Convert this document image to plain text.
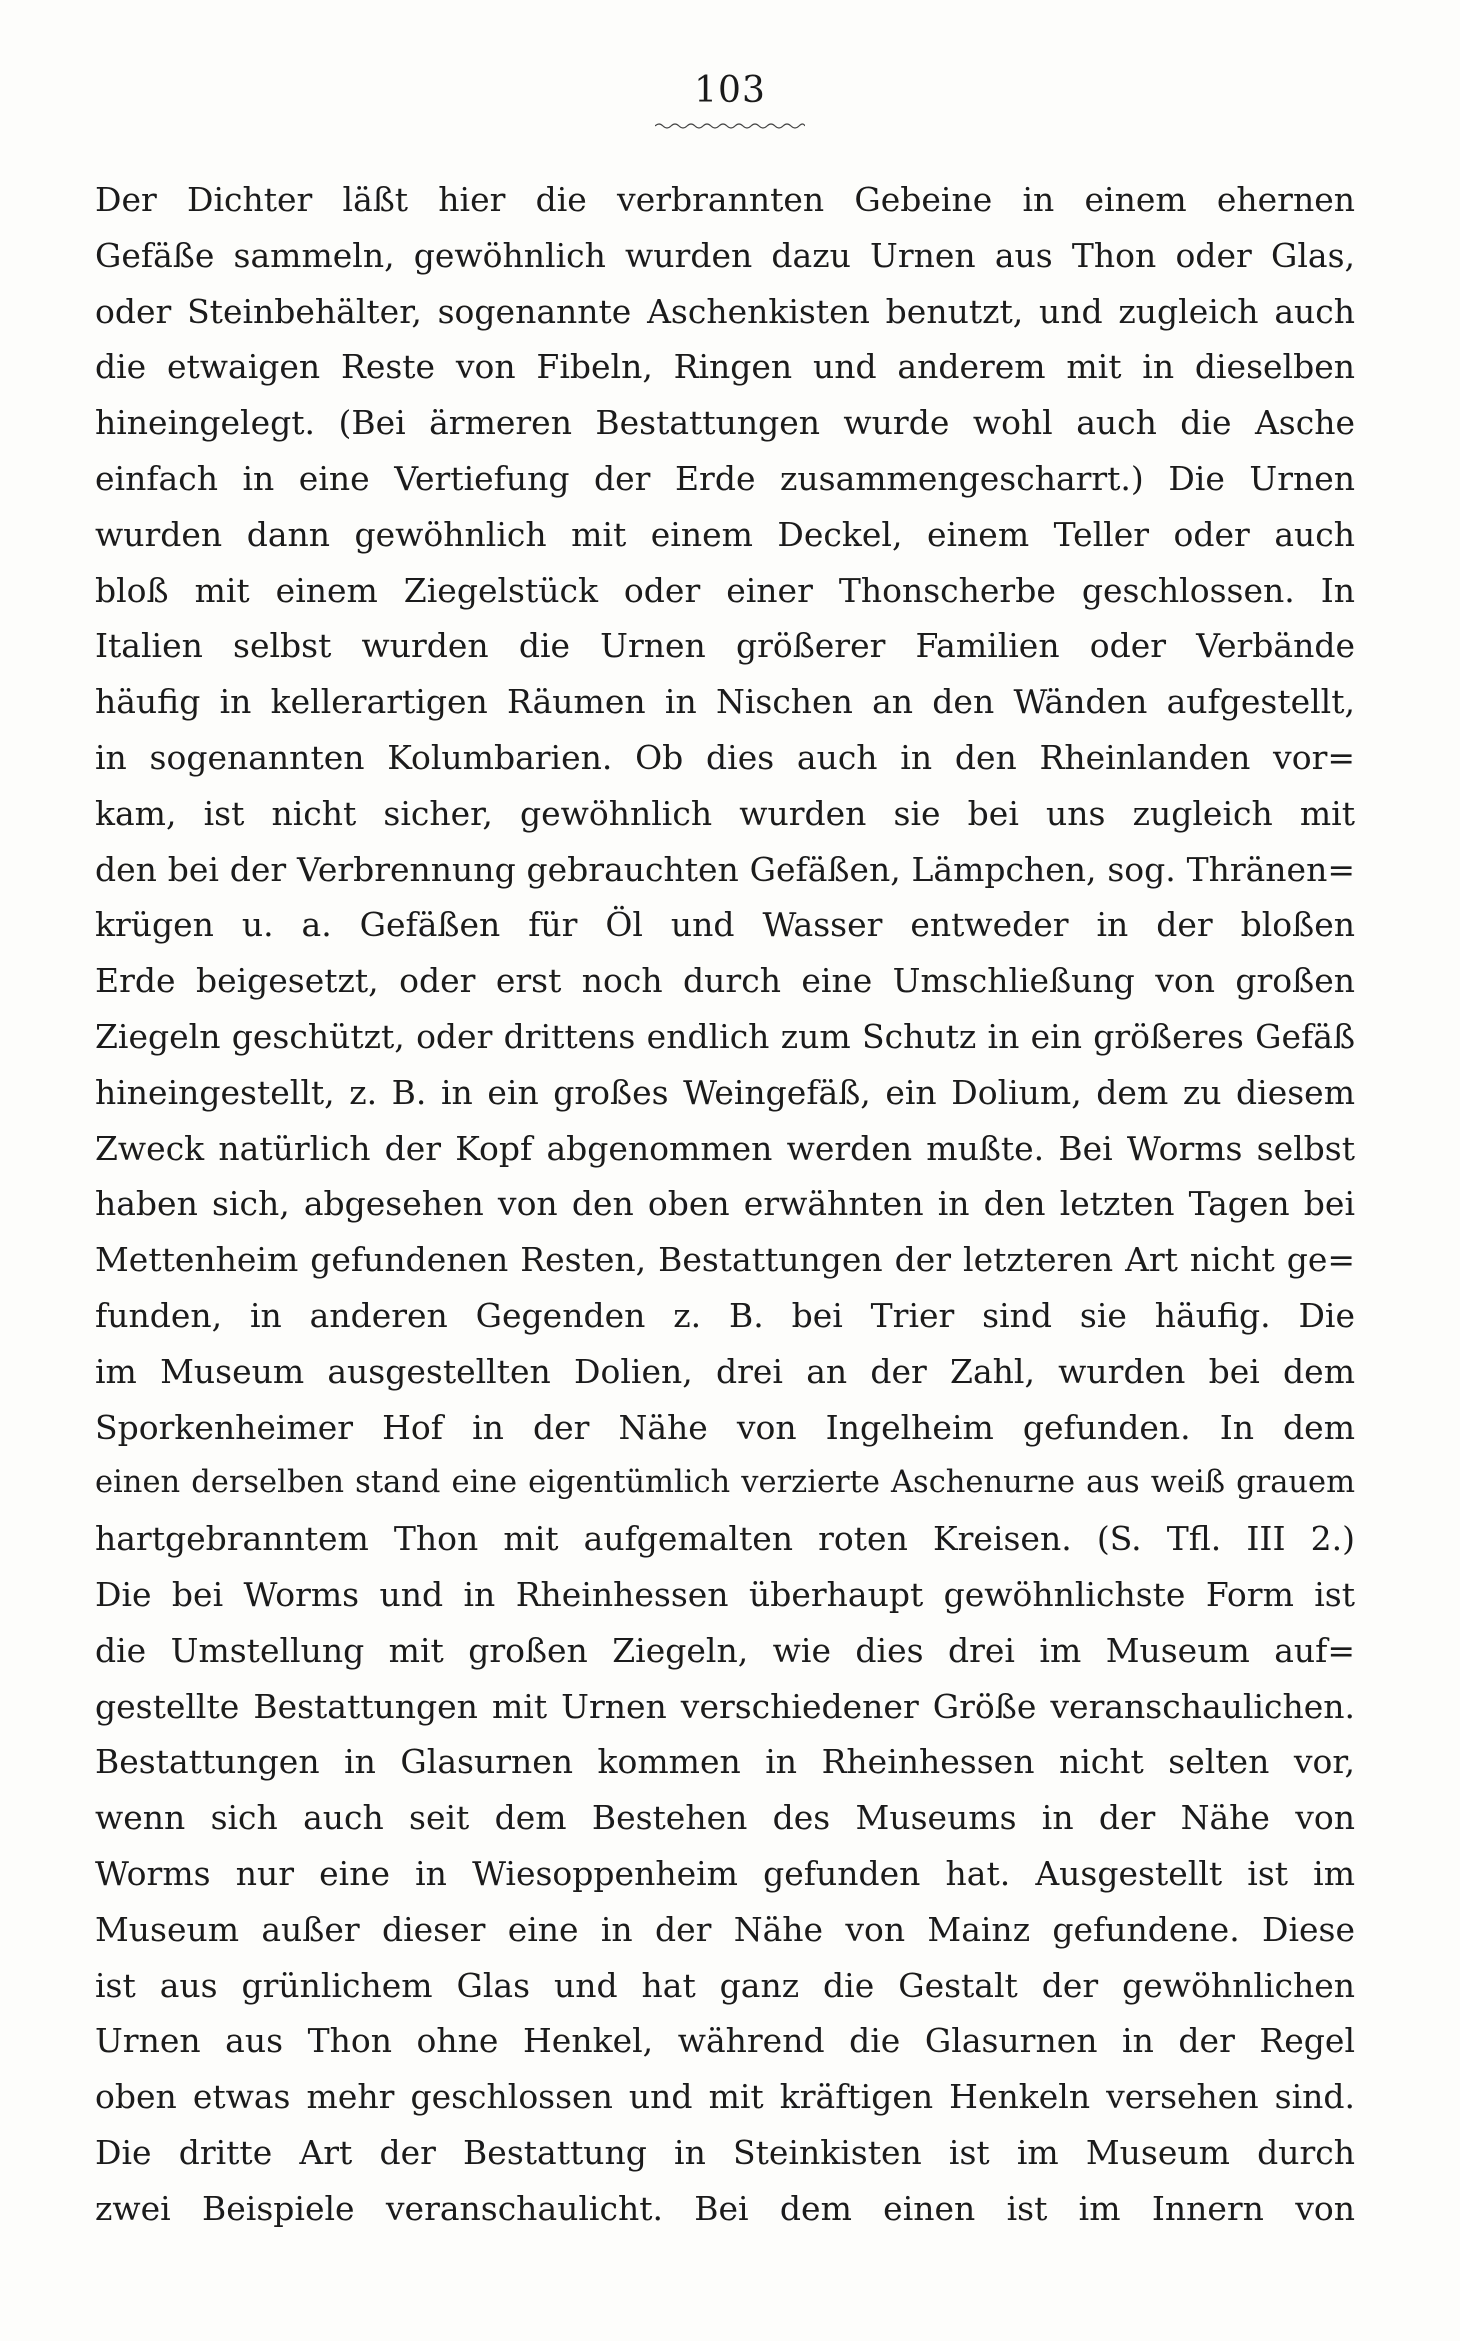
103
Der Dichter läßt hier die verbrannten Gebeine in einem ehernen
Gefäße sammeln, gewöhnlich wurden dazu Urnen aus Thon oder Glas,
oder Steinbehälter, sogenannte Aschenkisten benutzt, und zugleich auch
die etwaigen Reste von Fibeln, Ringen und anderem mit in dieselben
hineingelegt. (Bei ärmeren Bestattungen wurde wohl auch die Asche
einfach in eine Vertiefung der Erde zusammengescharrt.) Die Urnen
wurden dann gewöhnlich mit einem Deckel, einem Teller oder auch
bloß mit einem Ziegelstück oder einer Thonscherbe geschlossen. In
Italien selbst wurden die Urnen größerer Familien oder Verbände
häufig in kellerartigen Räumen in Nischen an den Wänden aufgestellt,
in sogenannten Kolumbarien. Ob dies auch in den Rheinlanden vor=
kam, ist nicht sicher, gewöhnlich wurden sie bei uns zugleich mit
den bei der Verbrennung gebrauchten Gefäßen, Lämpchen, sog. Thränen=
krügen u. a. Gefäßen für Öl und Wasser entweder in der bloßen
Erde beigesetzt, oder erst noch durch eine Umschließung von großen
Ziegeln geschützt, oder drittens endlich zum Schutz in ein größeres Gefäß
hineingestellt, z. B. in ein großes Weingefäß, ein Dolium, dem zu diesem
Zweck natürlich der Kopf abgenommen werden mußte. Bei Worms selbst
haben sich, abgesehen von den oben erwähnten in den letzten Tagen bei
Mettenheim gefundenen Resten, Bestattungen der letzteren Art nicht ge=
funden, in anderen Gegenden z. B. bei Trier sind sie häufig. Die
im Museum ausgestellten Dolien, drei an der Zahl, wurden bei dem
Sporkenheimer Hof in der Nähe von Ingelheim gefunden. In dem
einen derselben stand eine eigentümlich verzierte Aschenurne aus weiß grauem
hartgebranntem Thon mit aufgemalten roten Kreisen. (S. Tfl. III 2.)
Die bei Worms und in Rheinhessen überhaupt gewöhnlichste Form ist
die Umstellung mit großen Ziegeln, wie dies drei im Museum auf=
gestellte Bestattungen mit Urnen verschiedener Größe veranschaulichen.
Bestattungen in Glasurnen kommen in Rheinhessen nicht selten vor,
wenn sich auch seit dem Bestehen des Museums in der Nähe von
Worms nur eine in Wiesoppenheim gefunden hat. Ausgestellt ist im
Museum außer dieser eine in der Nähe von Mainz gefundene. Diese
ist aus grünlichem Glas und hat ganz die Gestalt der gewöhnlichen
Urnen aus Thon ohne Henkel, während die Glasurnen in der Regel
oben etwas mehr geschlossen und mit kräftigen Henkeln versehen sind.
Die dritte Art der Bestattung in Steinkisten ist im Museum durch
zwei Beispiele veranschaulicht. Bei dem einen ist im Innern von
